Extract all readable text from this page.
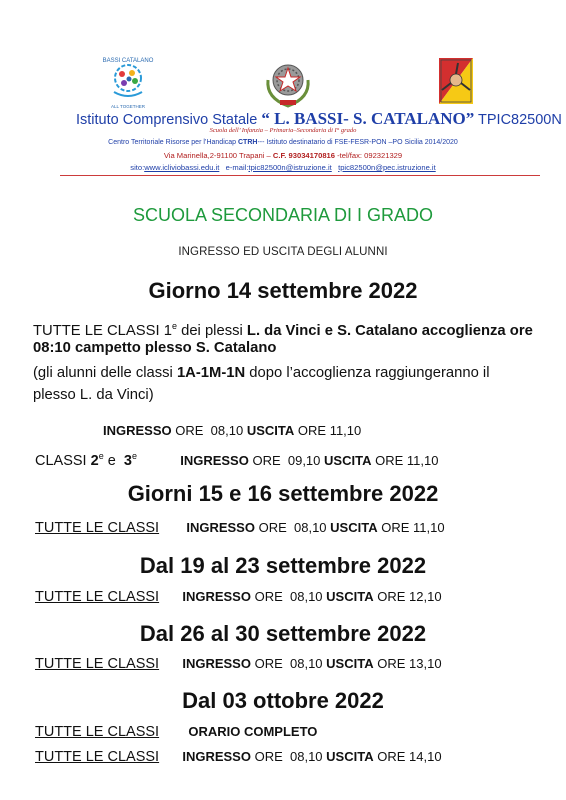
BASSI CATALANO
ALL TOGETHER
Istituto Comprensivo Statale “ L. BASSI- S. CATALANO” TPIC82500N
Scuola dell’ Infanzia – Primaria–Secondaria di I° grado
Centro Territoriale Risorse per l’Handicap CTRH--- Istituto destinatario di FSE-FESR-PON –PO Sicilia 2014/2020
Via Marinella,2-91100 Trapani – C.F. 93034170816 -tel/fax: 092321329
sito:www.icliviobassi.edu.it e-mail:tpic82500n@istruzione.it tpic82500n@pec.istruzione.it
SCUOLA SECONDARIA DI I GRADO
INGRESSO ED USCITA DEGLI ALUNNI
Giorno 14 settembre 2022
TUTTE LE CLASSI 1e dei plessi L. da Vinci e S. Catalano accoglienza ore
08:10 campetto plesso S. Catalano
(gli alunni delle classi 1A-1M-1N dopo l’accoglienza raggiungeranno il
plesso L. da Vinci)
INGRESSO ORE 08,10 USCITA ORE 11,10
CLASSI 2e e  3e	INGRESSO ORE 09,10 USCITA ORE 11,10
Giorni 15 e 16 settembre 2022
TUTTE LE CLASSI INGRESSO ORE 08,10 USCITA ORE 11,10
Dal 19 al 23 settembre 2022
TUTTE LE CLASSI INGRESSO ORE 08,10 USCITA ORE 12,10
Dal 26 al 30 settembre 2022
TUTTE LE CLASSI INGRESSO ORE 08,10 USCITA ORE 13,10
Dal 03 ottobre 2022
TUTTE LE CLASSI ORARIO COMPLETO
TUTTE LE CLASSI INGRESSO ORE 08,10 USCITA ORE 14,10
